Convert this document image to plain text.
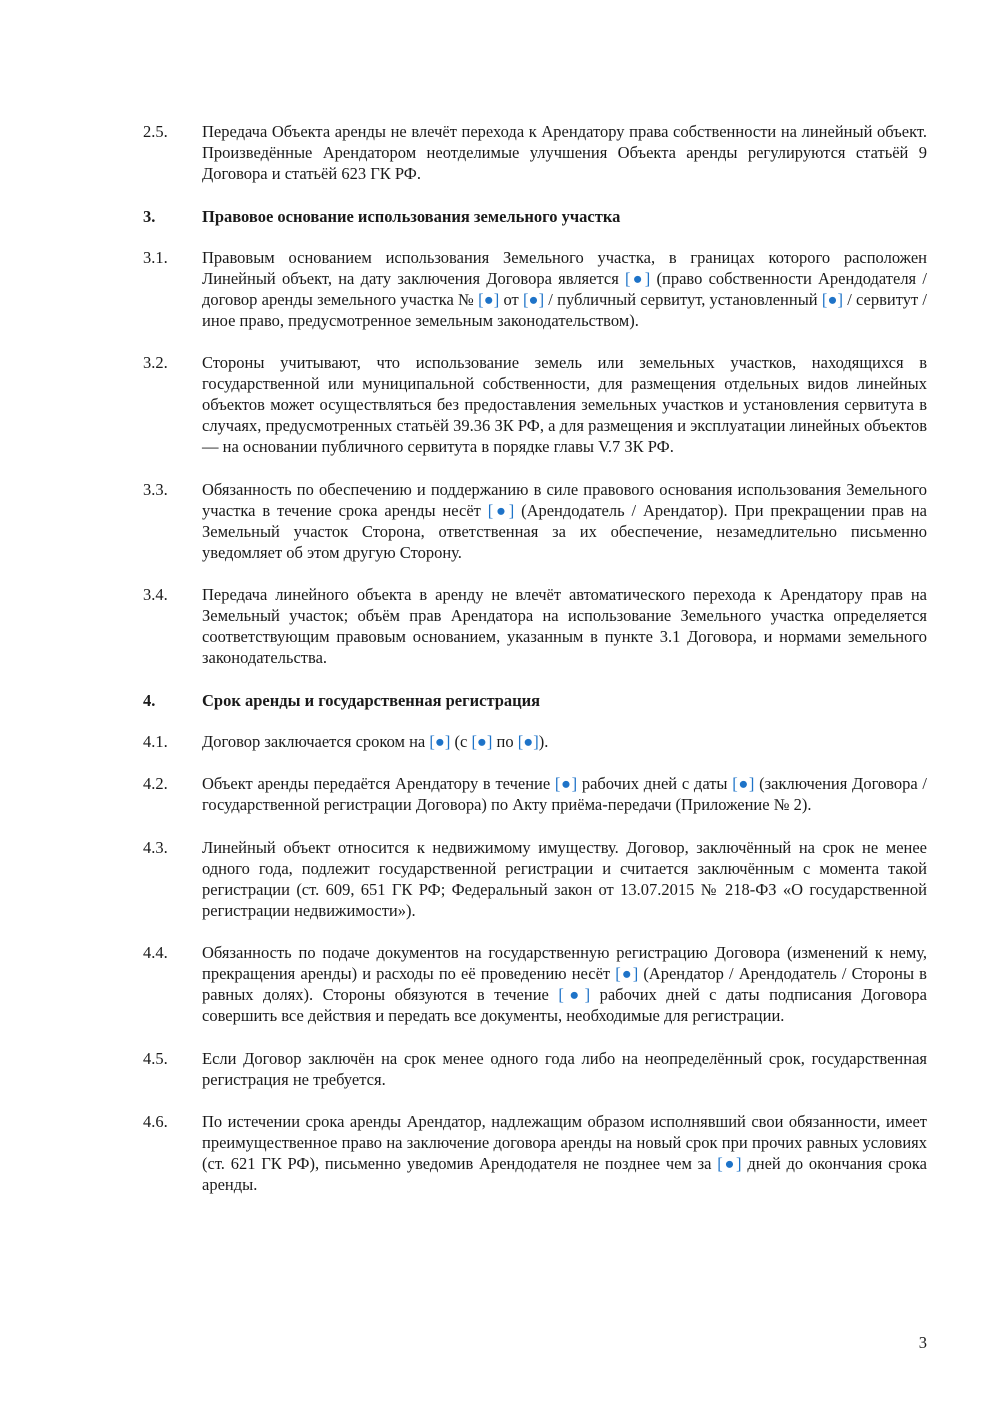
2.5.	Передача Объекта аренды не влечёт перехода к Арендатору права собственности на линейный объект. Произведённые Арендатором неотделимые улучшения Объекта аренды регулируются статьёй 9 Договора и статьёй 623 ГК РФ.
3.	Правовое основание использования земельного участка
3.1.	Правовым основанием использования Земельного участка, в границах которого расположен Линейный объект, на дату заключения Договора является [●] (право собственности Арендодателя / договор аренды земельного участка № [●] от [●] / публичный сервитут, установленный [●] / сервитут / иное право, предусмотренное земельным законодательством).
3.2.	Стороны учитывают, что использование земель или земельных участков, находящихся в государственной или муниципальной собственности, для размещения отдельных видов линейных объектов может осуществляться без предоставления земельных участков и установления сервитута в случаях, предусмотренных статьёй 39.36 ЗК РФ, а для размещения и эксплуатации линейных объектов — на основании публичного сервитута в порядке главы V.7 ЗК РФ.
3.3.	Обязанность по обеспечению и поддержанию в силе правового основания использования Земельного участка в течение срока аренды несёт [●] (Арендодатель / Арендатор). При прекращении прав на Земельный участок Сторона, ответственная за их обеспечение, незамедлительно письменно уведомляет об этом другую Сторону.
3.4.	Передача линейного объекта в аренду не влечёт автоматического перехода к Арендатору прав на Земельный участок; объём прав Арендатора на использование Земельного участка определяется соответствующим правовым основанием, указанным в пункте 3.1 Договора, и нормами земельного законодательства.
4.	Срок аренды и государственная регистрация
4.1.	Договор заключается сроком на [●] (с [●] по [●]).
4.2.	Объект аренды передаётся Арендатору в течение [●] рабочих дней с даты [●] (заключения Договора / государственной регистрации Договора) по Акту приёма-передачи (Приложение № 2).
4.3.	Линейный объект относится к недвижимому имуществу. Договор, заключённый на срок не менее одного года, подлежит государственной регистрации и считается заключённым с момента такой регистрации (ст. 609, 651 ГК РФ; Федеральный закон от 13.07.2015 № 218-ФЗ «О государственной регистрации недвижимости»).
4.4.	Обязанность по подаче документов на государственную регистрацию Договора (изменений к нему, прекращения аренды) и расходы по её проведению несёт [●] (Арендатор / Арендодатель / Стороны в равных долях). Стороны обязуются в течение [●] рабочих дней с даты подписания Договора совершить все действия и передать все документы, необходимые для регистрации.
4.5.	Если Договор заключён на срок менее одного года либо на неопределённый срок, государственная регистрация не требуется.
4.6.	По истечении срока аренды Арендатор, надлежащим образом исполнявший свои обязанности, имеет преимущественное право на заключение договора аренды на новый срок при прочих равных условиях (ст. 621 ГК РФ), письменно уведомив Арендодателя не позднее чем за [●] дней до окончания срока аренды.
3
